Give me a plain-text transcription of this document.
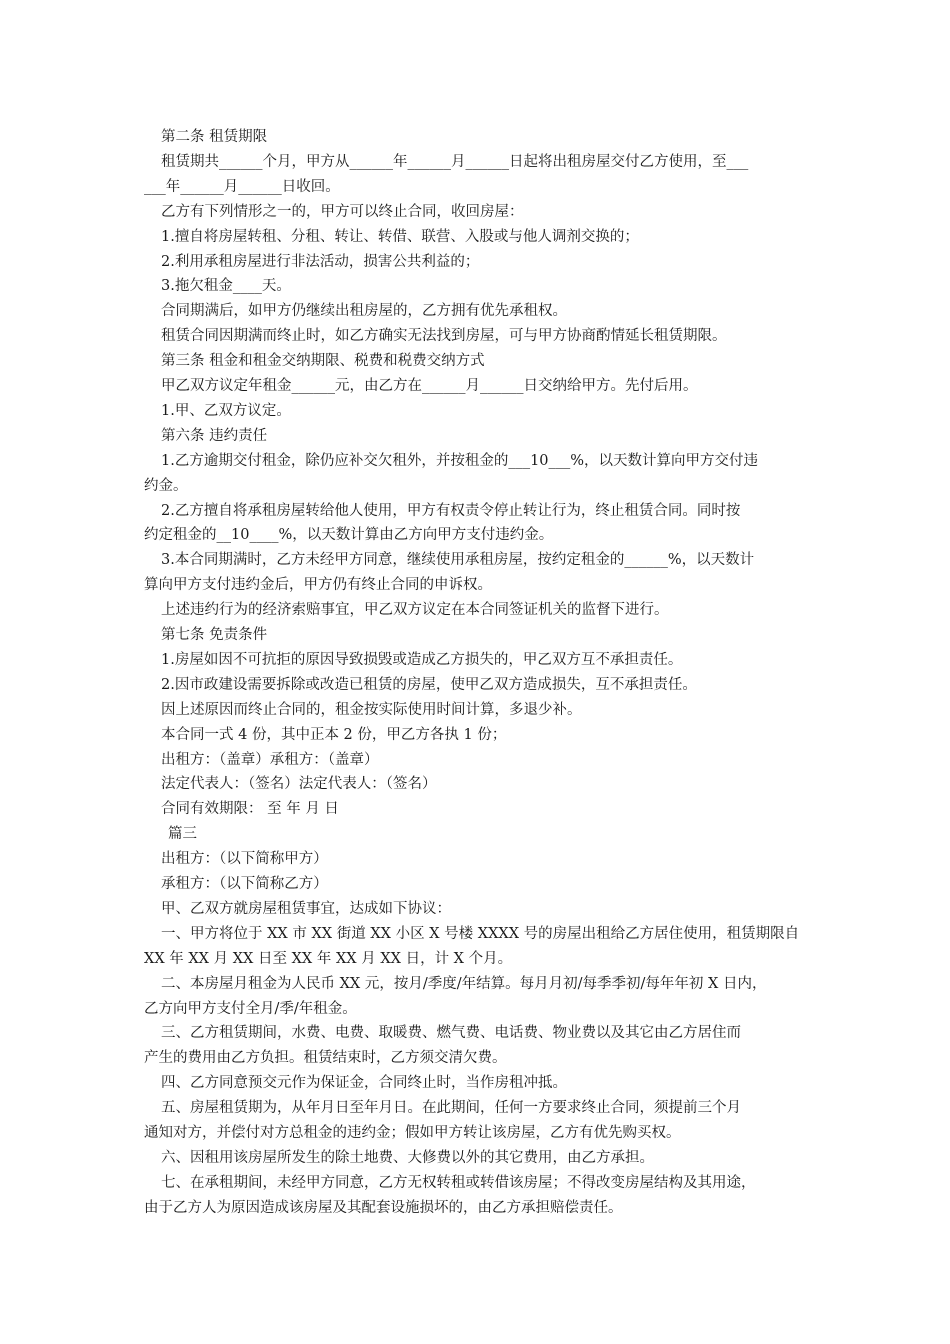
第二条 租赁期限
租赁期共______个月，甲方从______年______月______日起将出租房屋交付乙方使用，至___
___年______月______日收回。
乙方有下列情形之一的，甲方可以终止合同，收回房屋：
1.擅自将房屋转租、分租、转让、转借、联营、入股或与他人调剂交换的；
2.利用承租房屋进行非法活动，损害公共利益的；
3.拖欠租金____天。
合同期满后，如甲方仍继续出租房屋的，乙方拥有优先承租权。
租赁合同因期满而终止时，如乙方确实无法找到房屋，可与甲方协商酌情延长租赁期限。
第三条 租金和租金交纳期限、税费和税费交纳方式
甲乙双方议定年租金______元，由乙方在______月______日交纳给甲方。先付后用。
1.甲、乙双方议定。
第六条 违约责任
1.乙方逾期交付租金，除仍应补交欠租外，并按租金的___10___%，以天数计算向甲方交付违
约金。
2.乙方擅自将承租房屋转给他人使用，甲方有权责令停止转让行为，终止租赁合同。同时按
约定租金的__10____%，以天数计算由乙方向甲方支付违约金。
3.本合同期满时，乙方未经甲方同意，继续使用承租房屋，按约定租金的______%，以天数计
算向甲方支付违约金后，甲方仍有终止合同的申诉权。
上述违约行为的经济索赔事宜，甲乙双方议定在本合同签证机关的监督下进行。
第七条 免责条件
1.房屋如因不可抗拒的原因导致损毁或造成乙方损失的，甲乙双方互不承担责任。
2.因市政建设需要拆除或改造已租赁的房屋，使甲乙双方造成损失，互不承担责任。
因上述原因而终止合同的，租金按实际使用时间计算，多退少补。
本合同一式 4 份，其中正本 2 份，甲乙方各执 1 份；
出租方：（盖章）承租方：（盖章）
法定代表人：（签名）法定代表人：（签名）
合同有效期限： 至 年 月 日
篇三
出租方：（以下简称甲方）
承租方：（以下简称乙方）
甲、乙双方就房屋租赁事宜，达成如下协议：
一、甲方将位于 XX 市 XX 街道 XX 小区 X 号楼 XXXX 号的房屋出租给乙方居住使用，租赁期限自
XX 年 XX 月 XX 日至 XX 年 XX 月 XX 日，计 X 个月。
二、本房屋月租金为人民币 XX 元，按月/季度/年结算。每月月初/每季季初/每年年初 X 日内，
乙方向甲方支付全月/季/年租金。
三、乙方租赁期间，水费、电费、取暖费、燃气费、电话费、物业费以及其它由乙方居住而
产生的费用由乙方负担。租赁结束时，乙方须交清欠费。
四、乙方同意预交元作为保证金，合同终止时，当作房租冲抵。
五、房屋租赁期为，从年月日至年月日。在此期间，任何一方要求终止合同，须提前三个月
通知对方，并偿付对方总租金的违约金；假如甲方转让该房屋，乙方有优先购买权。
六、因租用该房屋所发生的除土地费、大修费以外的其它费用，由乙方承担。
七、在承租期间，未经甲方同意，乙方无权转租或转借该房屋；不得改变房屋结构及其用途，
由于乙方人为原因造成该房屋及其配套设施损坏的，由乙方承担赔偿责任。
